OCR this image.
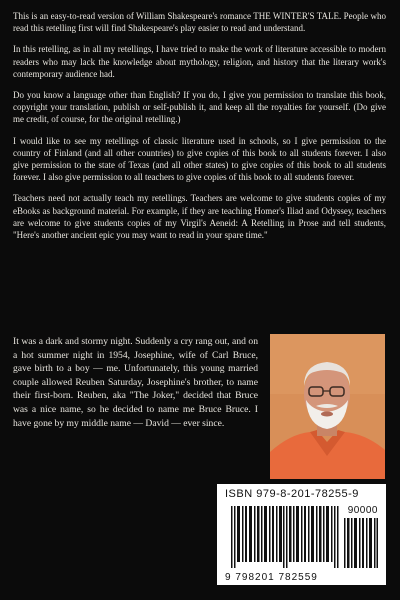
This is an easy-to-read version of William Shakespeare's romance THE WINTER'S TALE. People who read this retelling first will find Shakespeare's play easier to read and understand.

In this retelling, as in all my retellings, I have tried to make the work of literature accessible to modern readers who may lack the knowledge about mythology, religion, and history that the literary work's contemporary audience had.

Do you know a language other than English? If you do, I give you permission to translate this book, copyright your translation, publish or self-publish it, and keep all the royalties for yourself. (Do give me credit, of course, for the original retelling.)

I would like to see my retellings of classic literature used in schools, so I give permission to the country of Finland (and all other countries) to give copies of this book to all students forever. I also give permission to the state of Texas (and all other states) to give copies of this book to all students forever. I also give permission to all teachers to give copies of this book to all students forever.

Teachers need not actually teach my retellings. Teachers are welcome to give students copies of my eBooks as background material. For example, if they are teaching Homer's Iliad and Odyssey, teachers are welcome to give students copies of my Virgil's Aeneid: A Retelling in Prose and tell students, "Here's another ancient epic you may want to read in your spare time."

It was a dark and stormy night. Suddenly a cry rang out, and on a hot summer night in 1954, Josephine, wife of Carl Bruce, gave birth to a boy — me. Unfortunately, this young married couple allowed Reuben Saturday, Josephine's brother, to name their first-born. Reuben, aka "The Joker," decided that Bruce was a nice name, so he decided to name me Bruce Bruce. I have gone by my middle name — David — ever since.

ISBN 979-8-201-78255-9
90000
9 798201 782559
